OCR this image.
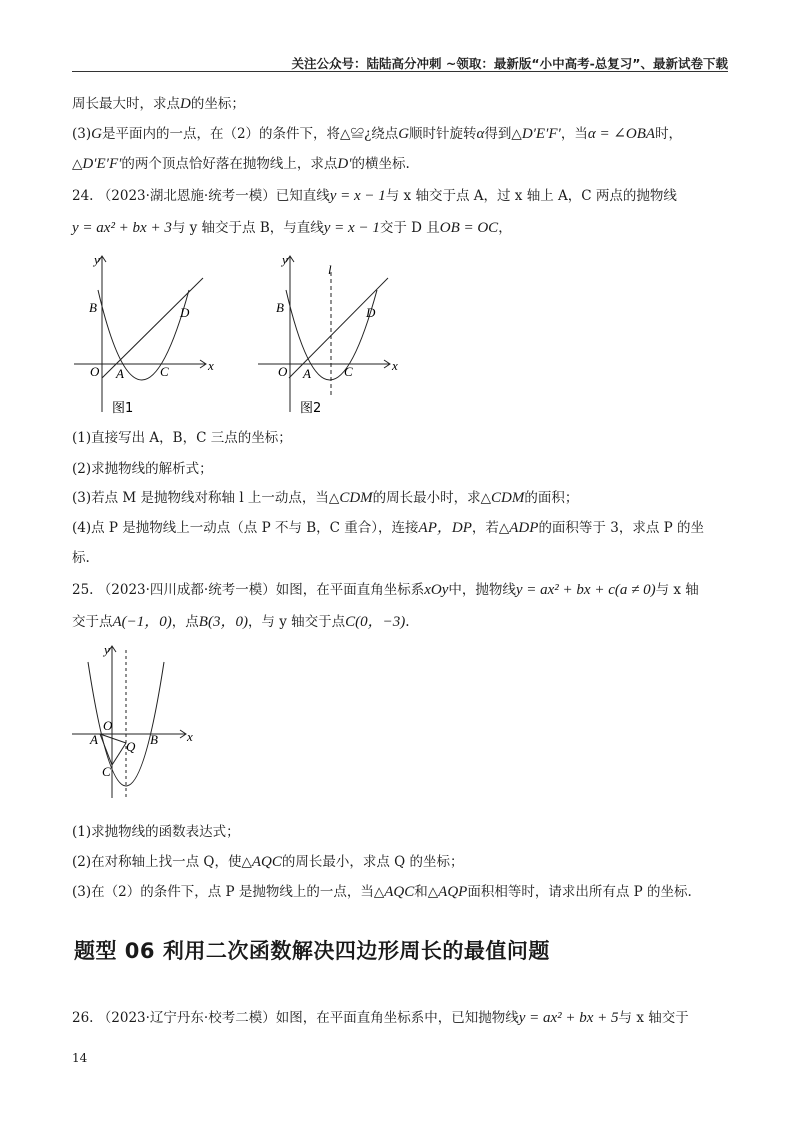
关注公众号：陆陆高分冲刺 ~领取：最新版“小中高考-总复习”、最新试卷下载
周长最大时，求点D的坐标；
(3)G是平面内的一点，在（2）的条件下，将△≌¿绕点G顺时针旋转α得到△D′E′F′，当α = ∠OBA时，
△D′E′F′的两个顶点恰好落在抛物线上，求点D′的横坐标.
24. （2023·湖北恩施·统考一模）已知直线y = x − 1与 x 轴交于点 A，过 x 轴上 A，C 两点的抛物线
y = ax² + bx + 3与 y 轴交于点 B，与直线y = x − 1交于 D 且OB = OC，
y
x
O A	C
B	D
图1
y
x
O A	C
B	D
l
图2
(1)直接写出 A，B，C 三点的坐标；
(2)求抛物线的解析式；
(3)若点 M 是抛物线对称轴 l 上一动点，当△CDM的周长最小时，求△CDM的面积；
(4)点 P 是抛物线上一动点（点 P 不与 B，C 重合），连接AP，DP，若△ADP的面积等于 3，求点 P 的坐
标.
25. （2023·四川成都·统考一模）如图，在平面直角坐标系xOy中，抛物线y = ax² + bx + c(a ≠ 0)与 x 轴
交于点A(−1，0)，点B(3，0)，与 y 轴交于点C(0，−3).
y
x
O
A	B
C
Q
(1)求抛物线的函数表达式；
(2)在对称轴上找一点 Q，使△AQC的周长最小，求点 Q 的坐标；
(3)在（2）的条件下，点 P 是抛物线上的一点，当△AQC和△AQP面积相等时，请求出所有点 P 的坐标.
题型 06 利用二次函数解决四边形周长的最值问题
26. （2023·辽宁丹东·校考二模）如图，在平面直角坐标系中，已知抛物线y = ax² + bx + 5与 x 轴交于
14
